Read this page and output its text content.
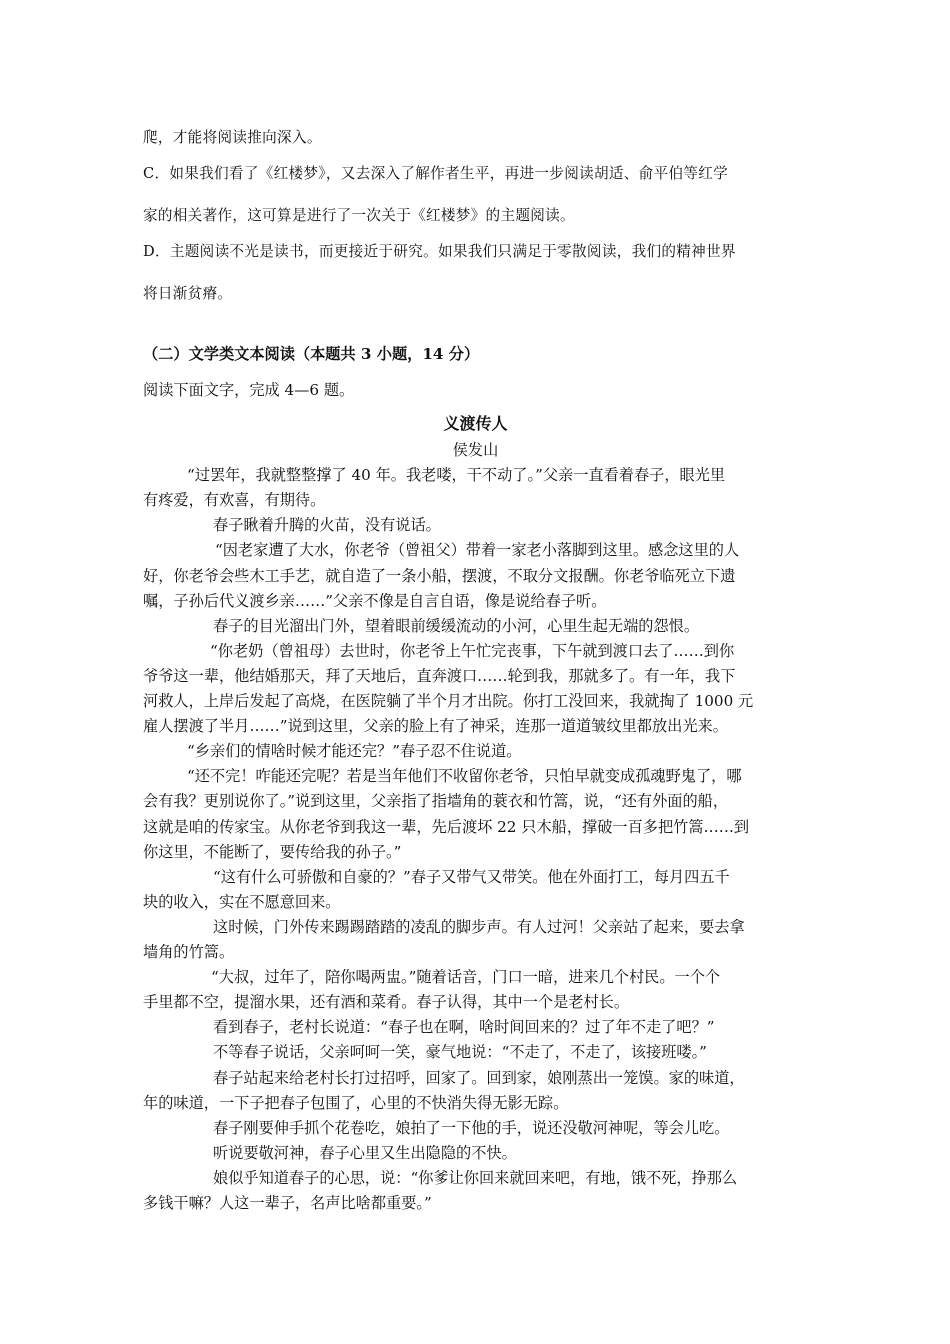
爬，才能将阅读推向深入。
C．如果我们看了《红楼梦》，又去深入了解作者生平，再进一步阅读胡适、俞平伯等红学
家的相关著作，这可算是进行了一次关于《红楼梦》的主题阅读。
D．主题阅读不光是读书，而更接近于研究。如果我们只满足于零散阅读，我们的精神世界
将日渐贫瘠。
（二）文学类文本阅读（本题共 3 小题，14 分）
阅读下面文字，完成 4—6 题。
义渡传人
侯发山
“过罢年，我就整整撑了 40 年。我老喽，干不动了。”父亲一直看着春子，眼光里
有疼爱，有欢喜，有期待。
春子瞅着升腾的火苗，没有说话。
“因老家遭了大水，你老爷（曾祖父）带着一家老小落脚到这里。感念这里的人
好，你老爷会些木工手艺，就自造了一条小船，摆渡，不取分文报酬。你老爷临死立下遗
嘱，子孙后代义渡乡亲……”父亲不像是自言自语，像是说给春子听。
春子的目光溜出门外，望着眼前缓缓流动的小河，心里生起无端的怨恨。
“你老奶（曾祖母）去世时，你老爷上午忙完丧事，下午就到渡口去了……到你
爷爷这一辈，他结婚那天，拜了天地后，直奔渡口……轮到我，那就多了。有一年，我下
河救人，上岸后发起了高烧，在医院躺了半个月才出院。你打工没回来，我就掏了 1000 元
雇人摆渡了半月……”说到这里，父亲的脸上有了神采，连那一道道皱纹里都放出光来。
“乡亲们的情啥时候才能还完？”春子忍不住说道。
“还不完！咋能还完呢？若是当年他们不收留你老爷，只怕早就变成孤魂野鬼了，哪
会有我？更别说你了。”说到这里，父亲指了指墙角的蓑衣和竹篙，说，“还有外面的船，
这就是咱的传家宝。从你老爷到我这一辈，先后渡坏 22 只木船，撑破一百多把竹篙……到
你这里，不能断了，要传给我的孙子。”
“这有什么可骄傲和自豪的？”春子又带气又带笑。他在外面打工，每月四五千
块的收入，实在不愿意回来。
这时候，门外传来踢踢踏踏的凌乱的脚步声。有人过河！父亲站了起来，要去拿
墙角的竹篙。
“大叔，过年了，陪你喝两盅。”随着话音，门口一暗，进来几个村民。一个个
手里都不空，提溜水果，还有酒和菜肴。春子认得，其中一个是老村长。
看到春子，老村长说道：“春子也在啊，啥时间回来的？过了年不走了吧？”
不等春子说话，父亲呵呵一笑，豪气地说：“不走了，不走了，该接班喽。”
春子站起来给老村长打过招呼，回家了。回到家，娘刚蒸出一笼馍。家的味道，
年的味道，一下子把春子包围了，心里的不快消失得无影无踪。
春子刚要伸手抓个花卷吃，娘拍了一下他的手，说还没敬河神呢，等会儿吃。
听说要敬河神，春子心里又生出隐隐的不快。
娘似乎知道春子的心思，说：“你爹让你回来就回来吧，有地，饿不死，挣那么
多钱干嘛？人这一辈子，名声比啥都重要。”
